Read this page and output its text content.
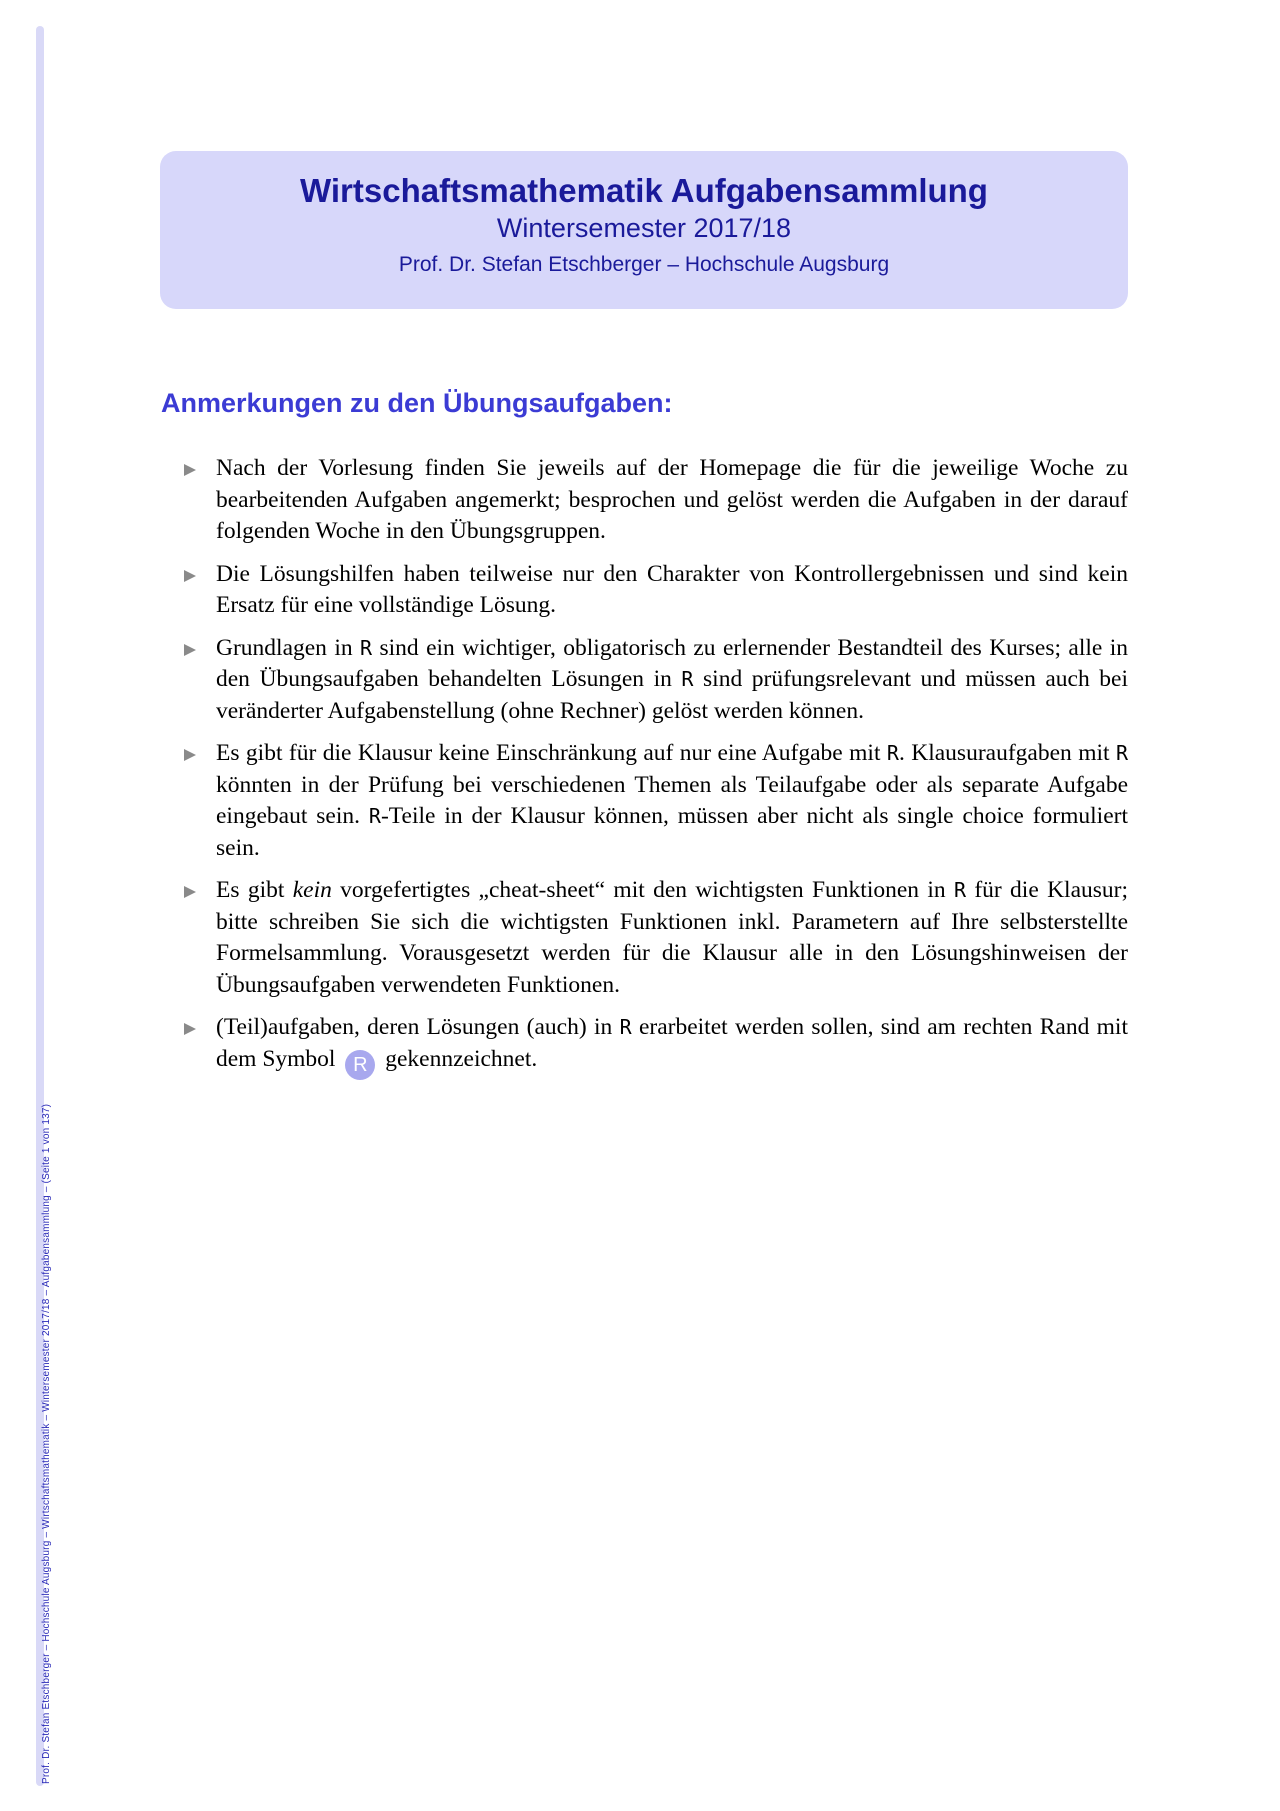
Prof. Dr. Stefan Etschberger – Hochschule Augsburg – Wirtschaftsmathematik – Wintersemester 2017/18 – Aufgabensammlung – (Seite 1 von 137)
Wirtschaftsmathematik Aufgabensammlung
Wintersemester 2017/18
Prof. Dr. Stefan Etschberger – Hochschule Augsburg
Anmerkungen zu den Übungsaufgaben:
Nach der Vorlesung finden Sie jeweils auf der Homepage die für die jeweilige Woche zu bearbeitenden Aufgaben angemerkt; besprochen und gelöst werden die Aufgaben in der darauf folgenden Woche in den Übungsgruppen.
Die Lösungshilfen haben teilweise nur den Charakter von Kontrollergebnissen und sind kein Ersatz für eine vollständige Lösung.
Grundlagen in R sind ein wichtiger, obligatorisch zu erlernender Bestandteil des Kurses; alle in den Übungsaufgaben behandelten Lösungen in R sind prüfungsrelevant und müssen auch bei veränderter Aufgabenstellung (ohne Rechner) gelöst werden können.
Es gibt für die Klausur keine Einschränkung auf nur eine Aufgabe mit R. Klausuraufgaben mit R könnten in der Prüfung bei verschiedenen Themen als Teilaufgabe oder als separate Aufgabe eingebaut sein. R-Teile in der Klausur können, müssen aber nicht als single choice formuliert sein.
Es gibt kein vorgefertigtes „cheat-sheet“ mit den wichtigsten Funktionen in R für die Klausur; bitte schreiben Sie sich die wichtigsten Funktionen inkl. Parametern auf Ihre selbsterstellte Formelsammlung. Vorausgesetzt werden für die Klausur alle in den Lösungshinweisen der Übungsaufgaben verwendeten Funktionen.
(Teil)aufgaben, deren Lösungen (auch) in R erarbeitet werden sollen, sind am rechten Rand mit dem Symbol R gekennzeichnet.
